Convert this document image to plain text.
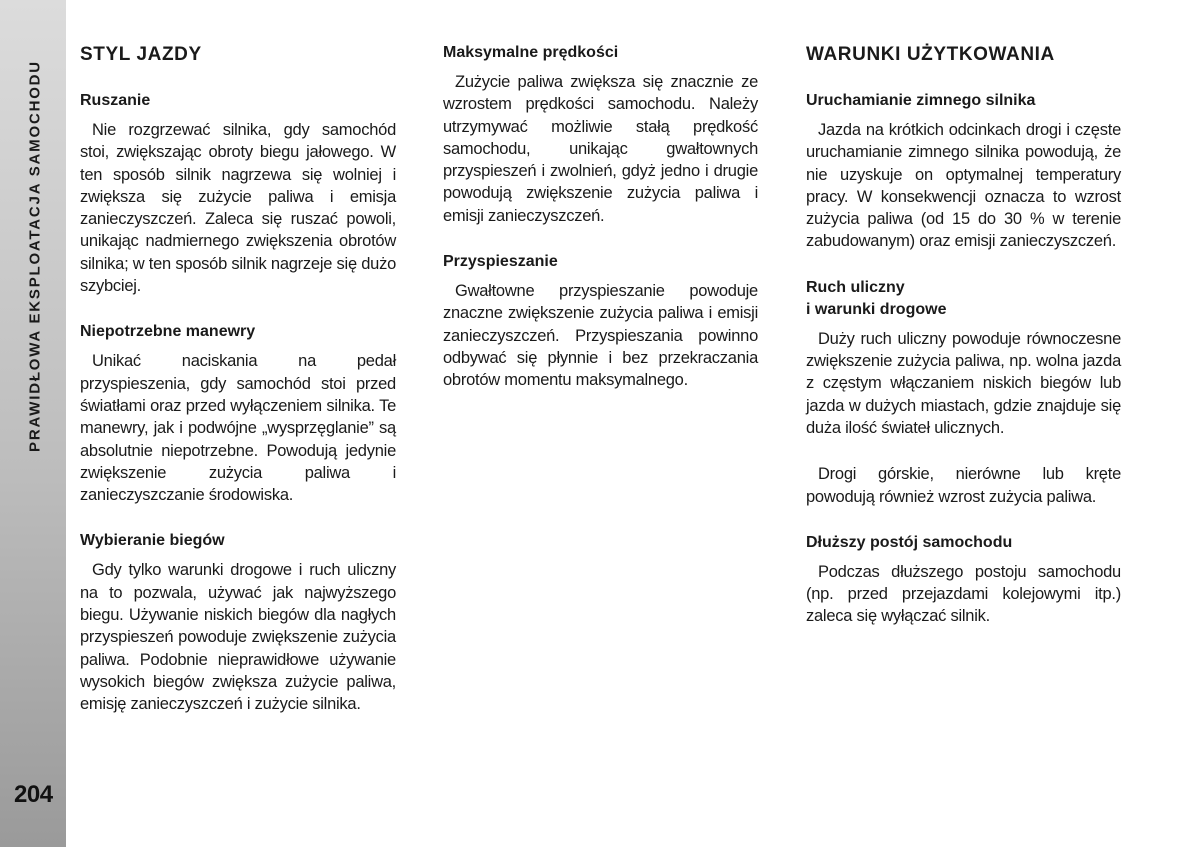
PRAWIDŁOWA EKSPLOATACJA SAMOCHODU
204
STYL JAZDY
Ruszanie

Nie rozgrzewać silnika, gdy samochód stoi, zwiększając obroty biegu jałowego. W ten sposób silnik nagrzewa się wolniej i zwiększa się zużycie paliwa i emisja zanieczyszczeń. Zaleca się ruszać powoli, unikając nadmiernego zwiększenia obrotów silnika; w ten sposób silnik nagrzeje się dużo szybciej.

Niepotrzebne manewry

Unikać naciskania na pedał przyspieszenia, gdy samochód stoi przed światłami oraz przed wyłączeniem silnika. Te manewry, jak i podwójne „wysprzęglanie” są absolutnie niepotrzebne. Powodują jedynie zwiększenie zużycia paliwa i zanieczyszczanie środowiska.

Wybieranie biegów

Gdy tylko warunki drogowe i ruch uliczny na to pozwala, używać jak najwyższego biegu. Używanie niskich biegów dla nagłych przyspieszeń powoduje zwiększenie zużycia paliwa. Podobnie nieprawidłowe używanie wysokich biegów zwiększa zużycie paliwa, emisję zanieczyszczeń i zużycie silnika.

Maksymalne prędkości

Zużycie paliwa zwiększa się znacznie ze wzrostem prędkości samochodu. Należy utrzymywać możliwie stałą prędkość samochodu, unikając gwałtownych przyspieszeń i zwolnień, gdyż jedno i drugie powodują zwiększenie zużycia paliwa i emisji zanieczyszczeń.

Przyspieszanie

Gwałtowne przyspieszanie powoduje znaczne zwiększenie zużycia paliwa i emisji zanieczyszczeń. Przyspieszania powinno odbywać się płynnie i bez przekraczania obrotów momentu maksymalnego.

WARUNKI UŻYTKOWANIA
Uruchamianie zimnego silnika

Jazda na krótkich odcinkach drogi i częste uruchamianie zimnego silnika powodują, że nie uzyskuje on optymalnej temperatury pracy. W konsekwencji oznacza to wzrost zużycia paliwa (od 15 do 30 % w terenie zabudowanym) oraz emisji zanieczyszczeń.

Ruch uliczny
i warunki drogowe

Duży ruch uliczny powoduje równoczesne zwiększenie zużycia paliwa, np. wolna jazda z częstym włączaniem niskich biegów lub jazda w dużych miastach, gdzie znajduje się duża ilość świateł ulicznych.

Drogi górskie, nierówne lub kręte powodują również wzrost zużycia paliwa.

Dłuższy postój samochodu

Podczas dłuższego postoju samochodu (np. przed przejazdami kolejowymi itp.) zaleca się wyłączać silnik.
